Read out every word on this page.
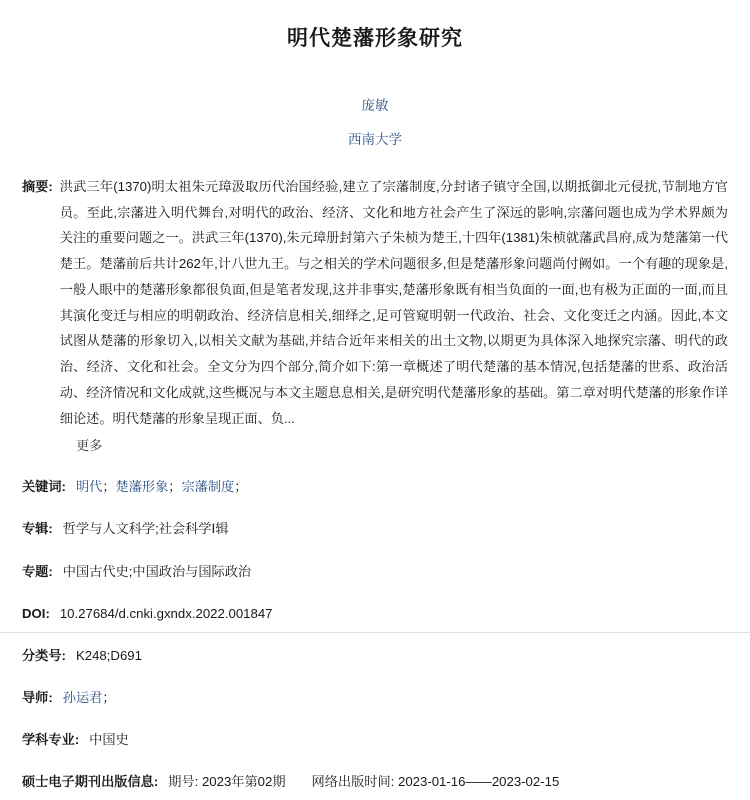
明代楚藩形象研究
庞敏
西南大学
摘要: 洪武三年(1370)明太祖朱元璋汲取历代治国经验,建立了宗藩制度,分封诸子镇守全国,以期抵御北元侵扰,节制地方官员。至此,宗藩进入明代舞台,对明代的政治、经济、文化和地方社会产生了深远的影响,宗藩问题也成为学术界颇为关注的重要问题之一。洪武三年(1370),朱元璋册封第六子朱桢为楚王,十四年(1381)朱桢就藩武昌府,成为楚藩第一代楚王。楚藩前后共计262年,计八世九王。与之相关的学术问题很多,但是楚藩形象问题尚付阙如。一个有趣的现象是,一般人眼中的楚藩形象都很负面,但是笔者发现,这并非事实,楚藩形象既有相当负面的一面,也有极为正面的一面,而且其演化变迁与相应的明朝政治、经济信息相关,细绎之,足可管窥明朝一代政治、社会、文化变迁之内涵。因此,本文试图从楚藩的形象切入,以相关文献为基础,并结合近年来相关的出土文物,以期更为具体深入地探究宗藩、明代的政治、经济、文化和社会。全文分为四个部分,简介如下:第一章概述了明代楚藩的基本情况,包括楚藩的世系、政治活动、经济情况和文化成就,这些概况与本文主题息息相关,是研究明代楚藩形象的基础。第二章对明代楚藩的形象作详细论述。明代楚藩的形象呈现正面、负...
更多
关键词: 明代；楚藩形象；宗藩制度；
专辑: 哲学与人文科学;社会科学Ⅰ辑
专题: 中国古代史;中国政治与国际政治
DOI: 10.27684/d.cnki.gxndx.2022.001847
分类号: K248;D691
导师: 孙运君；
学科专业: 中国史
硕士电子期刊出版信息: 期号: 2023年第02期 网络出版时间: 2023-01-16——2023-02-15
